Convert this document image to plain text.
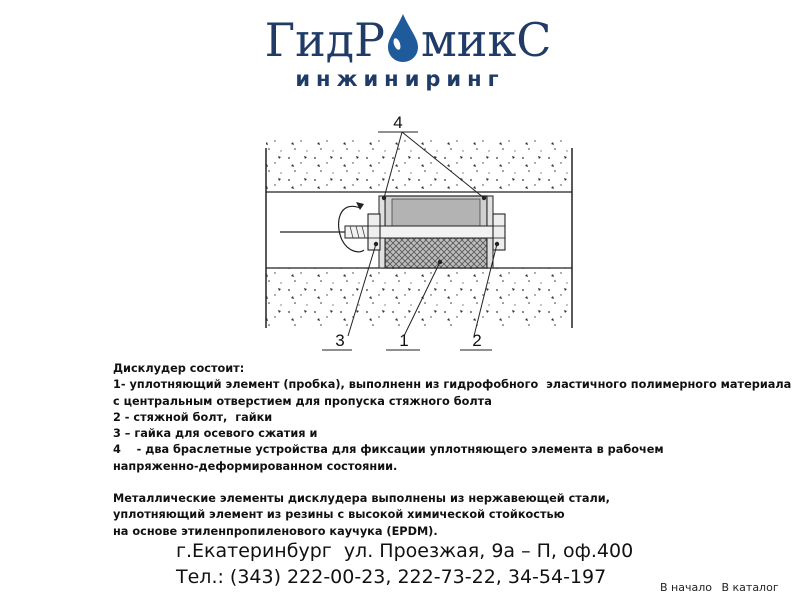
ГидР микС
инжиниринг
4
3	1	2
Дисклудер состоит:
1- уплотняющий элемент (пробка), выполненн из гидрофобного  эластичного полимерного материала
с центральным отверстием для пропуска стяжного болта
2 - стяжной болт,  гайки
3 – гайка для осевого сжатия и
4    - два браслетные устройства для фиксации уплотняющего элемента в рабочем
напряженно-деформированном состоянии.
Металлические элементы дисклудера выполнены из нержавеющей стали,
уплотняющий элемент из резины с высокой химической стойкостью
на основе этиленпропиленового каучука (EPDM).
г.Екатеринбург  ул. Проезжая, 9а – П, оф.400
Тел.: (343) 222-00-23, 222-73-22, 34-54-197	В начало В каталог
